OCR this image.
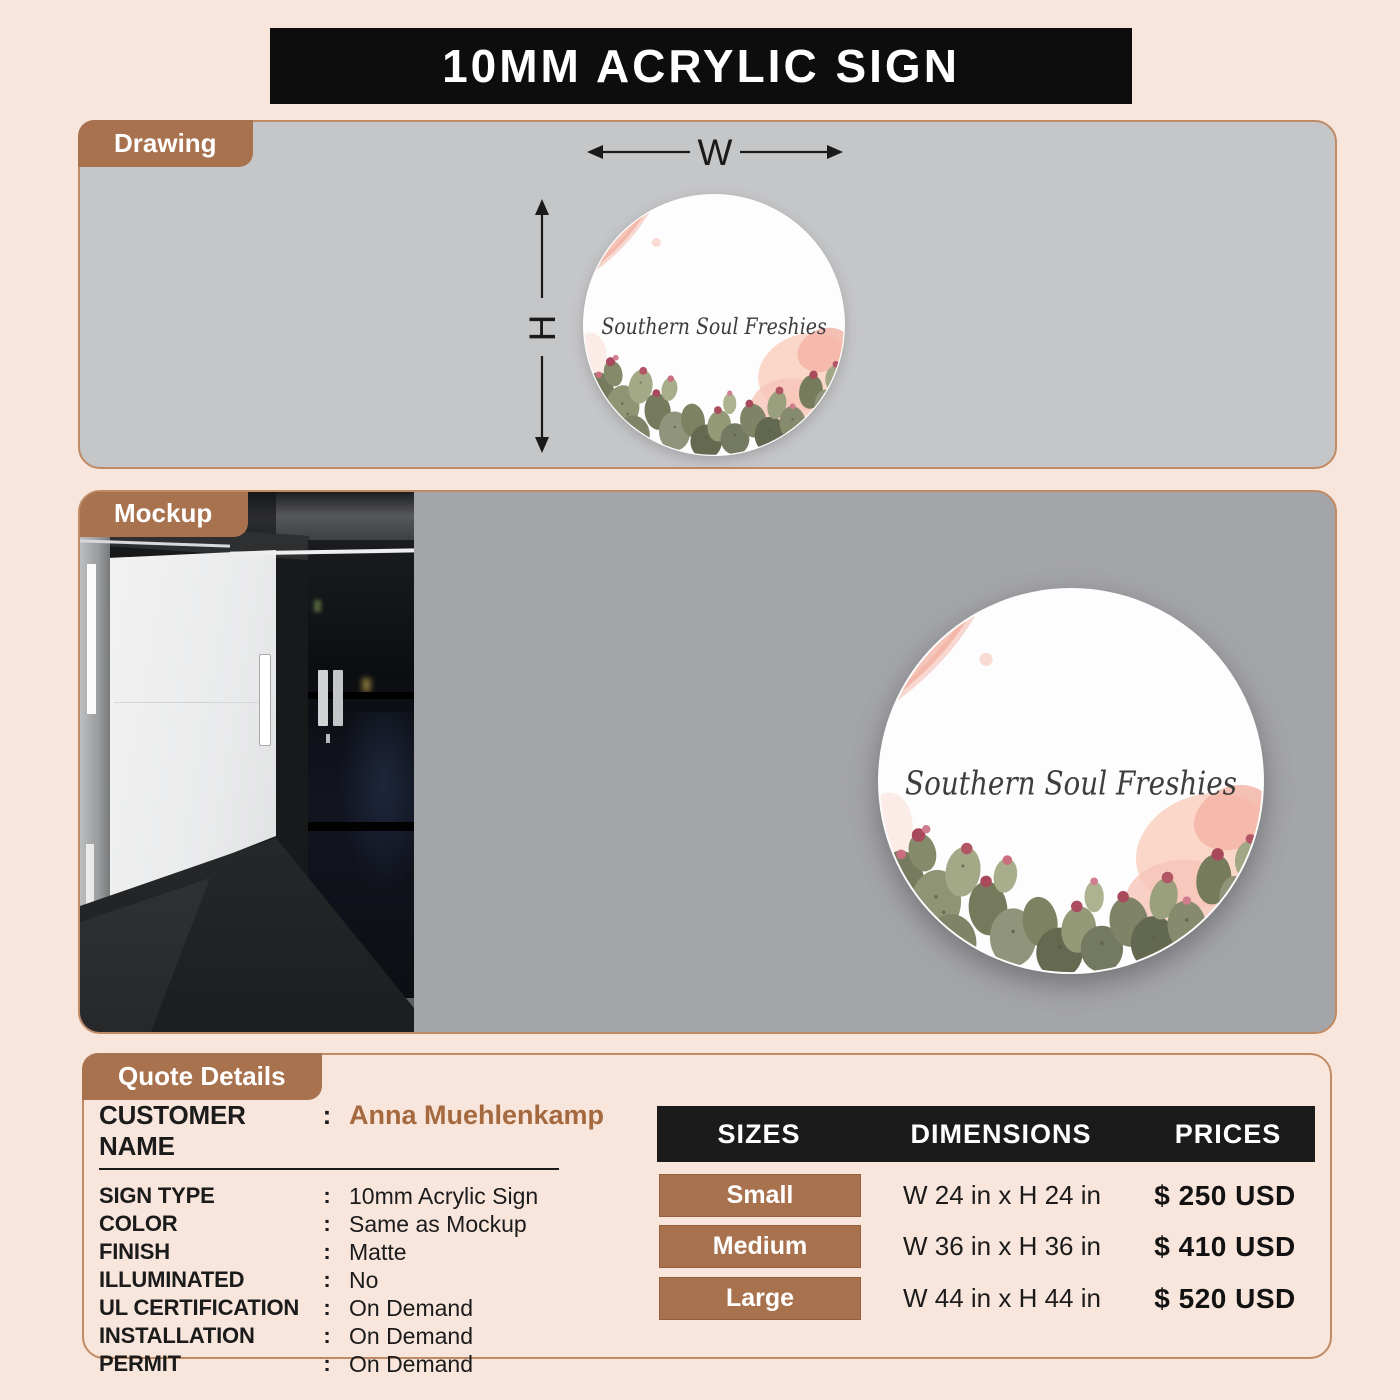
10MM ACRYLIC SIGN
Drawing	W
H
Mockup
Quote Details
CUSTOMER NAME
: Anna Muehlenkamp
SIGN TYPE	: 10mm Acrylic Sign
COLOR	: Same as Mockup
FINISH	: Matte
ILLUMINATED	: No
UL CERTIFICATION	: On Demand
INSTALLATION	: On Demand
PERMIT	: On Demand
SIZES	DIMENSIONS	PRICES
Small	W 24 in x H 24 in	$ 250 USD
Medium	W 36 in x H 36 in	$ 410 USD
Large	W 44 in x H 44 in	$ 520 USD
